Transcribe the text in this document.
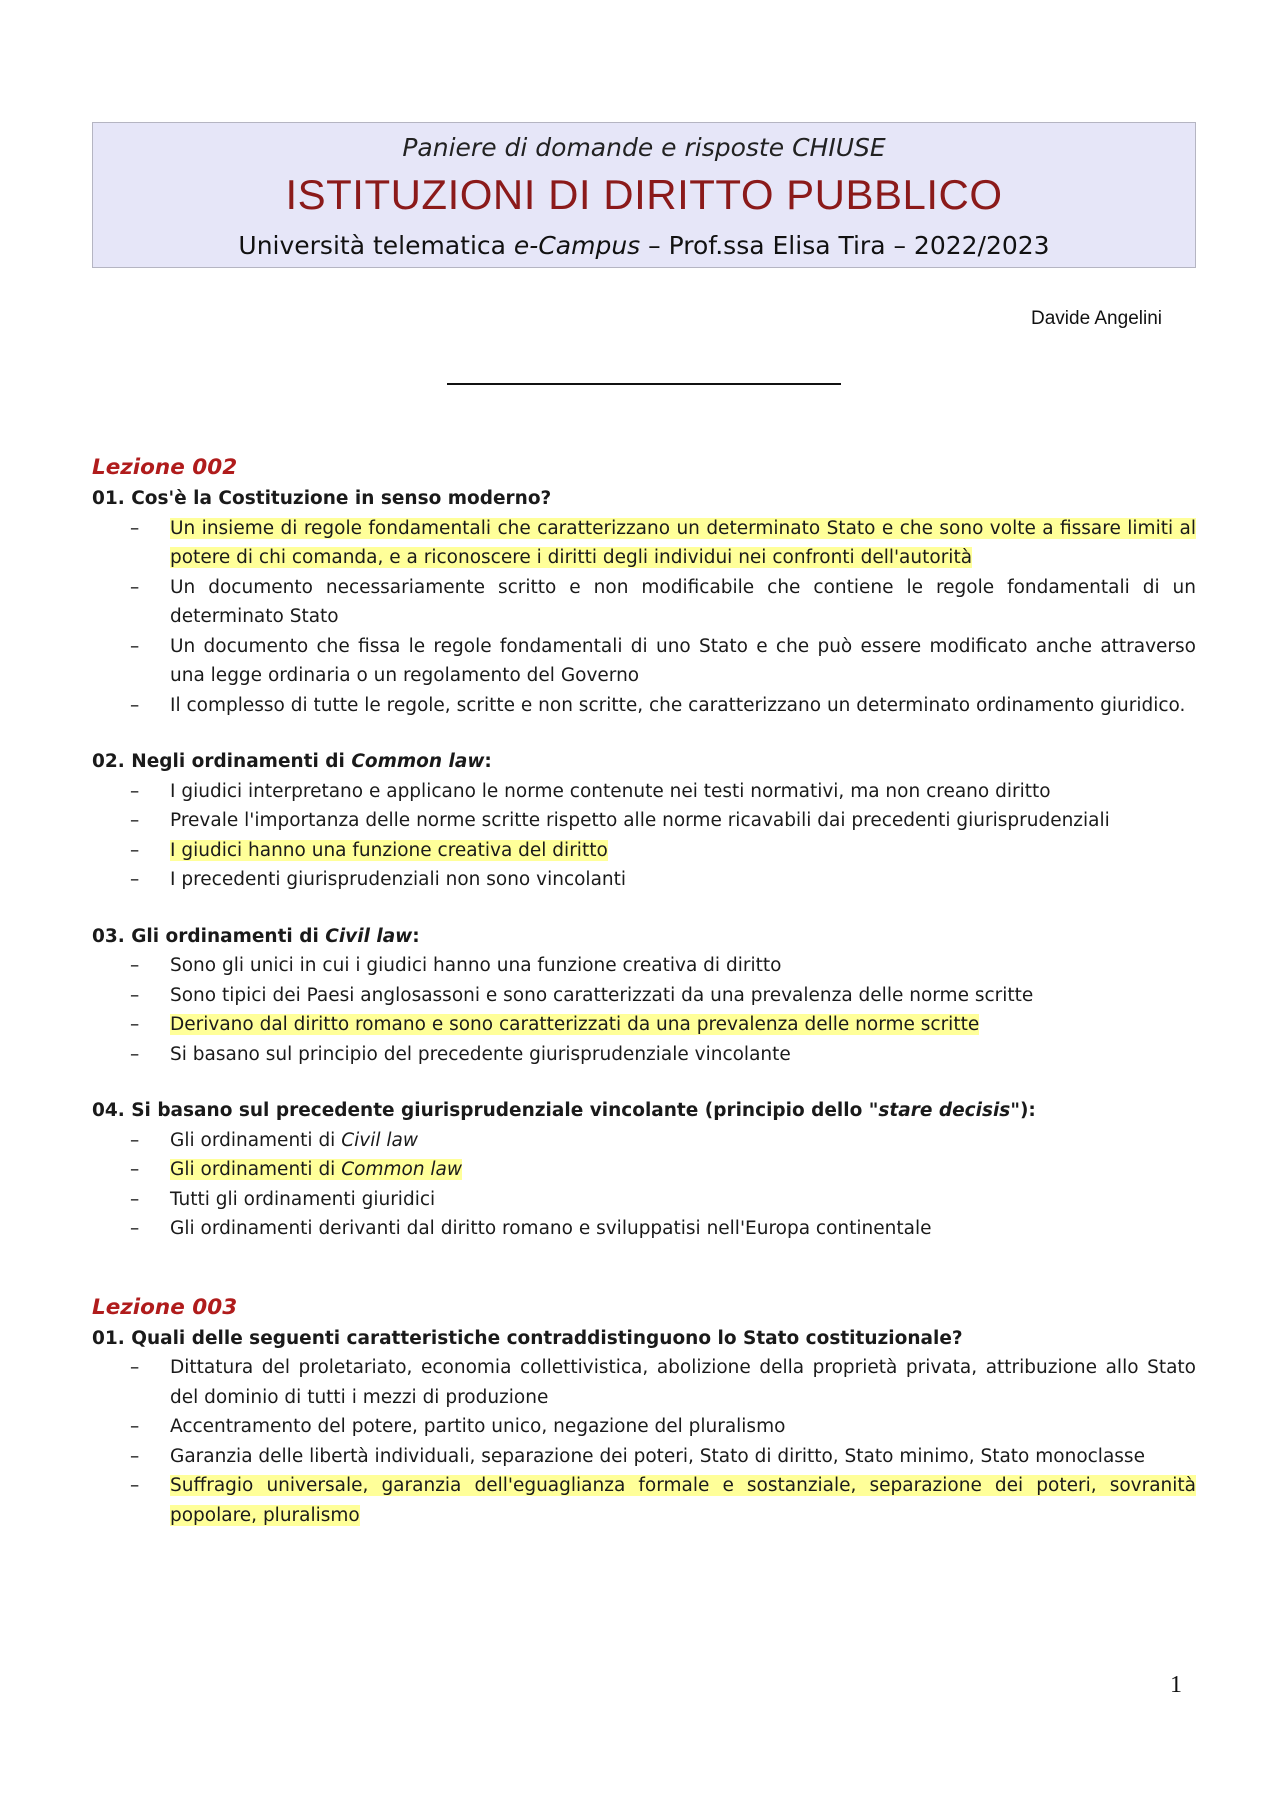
Paniere di domande e risposte CHIUSE
ISTITUZIONI DI DIRITTO PUBBLICO
Università telematica e-Campus – Prof.ssa Elisa Tira – 2022/2023
Davide Angelini
Lezione 002

01. Cos'è la Costituzione in senso moderno?

– Un insieme di regole fondamentali che caratterizzano un determinato Stato e che sono volte a fissare limiti al potere di chi comanda, e a riconoscere i diritti degli individui nei confronti dell'autorità
– Un documento necessariamente scritto e non modificabile che contiene le regole fondamentali di un determinato Stato
– Un documento che fissa le regole fondamentali di uno Stato e che può essere modificato anche attraverso una legge ordinaria o un regolamento del Governo
– Il complesso di tutte le regole, scritte e non scritte, che caratterizzano un determinato ordinamento giuridico.

02. Negli ordinamenti di Common law:

– I giudici interpretano e applicano le norme contenute nei testi normativi, ma non creano diritto
– Prevale l'importanza delle norme scritte rispetto alle norme ricavabili dai precedenti giurisprudenziali
– I giudici hanno una funzione creativa del diritto
– I precedenti giurisprudenziali non sono vincolanti

03. Gli ordinamenti di Civil law:

– Sono gli unici in cui i giudici hanno una funzione creativa di diritto
– Sono tipici dei Paesi anglosassoni e sono caratterizzati da una prevalenza delle norme scritte
– Derivano dal diritto romano e sono caratterizzati da una prevalenza delle norme scritte
– Si basano sul principio del precedente giurisprudenziale vincolante

04. Si basano sul precedente giurisprudenziale vincolante (principio dello "stare decisis"):

– Gli ordinamenti di Civil law
– Gli ordinamenti di Common law
– Tutti gli ordinamenti giuridici
– Gli ordinamenti derivanti dal diritto romano e sviluppatisi nell'Europa continentale
Lezione 003

01. Quali delle seguenti caratteristiche contraddistinguono lo Stato costituzionale?

– Dittatura del proletariato, economia collettivistica, abolizione della proprietà privata, attribuzione allo Stato del dominio di tutti i mezzi di produzione
– Accentramento del potere, partito unico, negazione del pluralismo
– Garanzia delle libertà individuali, separazione dei poteri, Stato di diritto, Stato minimo, Stato monoclasse
– Suffragio universale, garanzia dell'eguaglianza formale e sostanziale, separazione dei poteri, sovranità popolare, pluralismo
1
